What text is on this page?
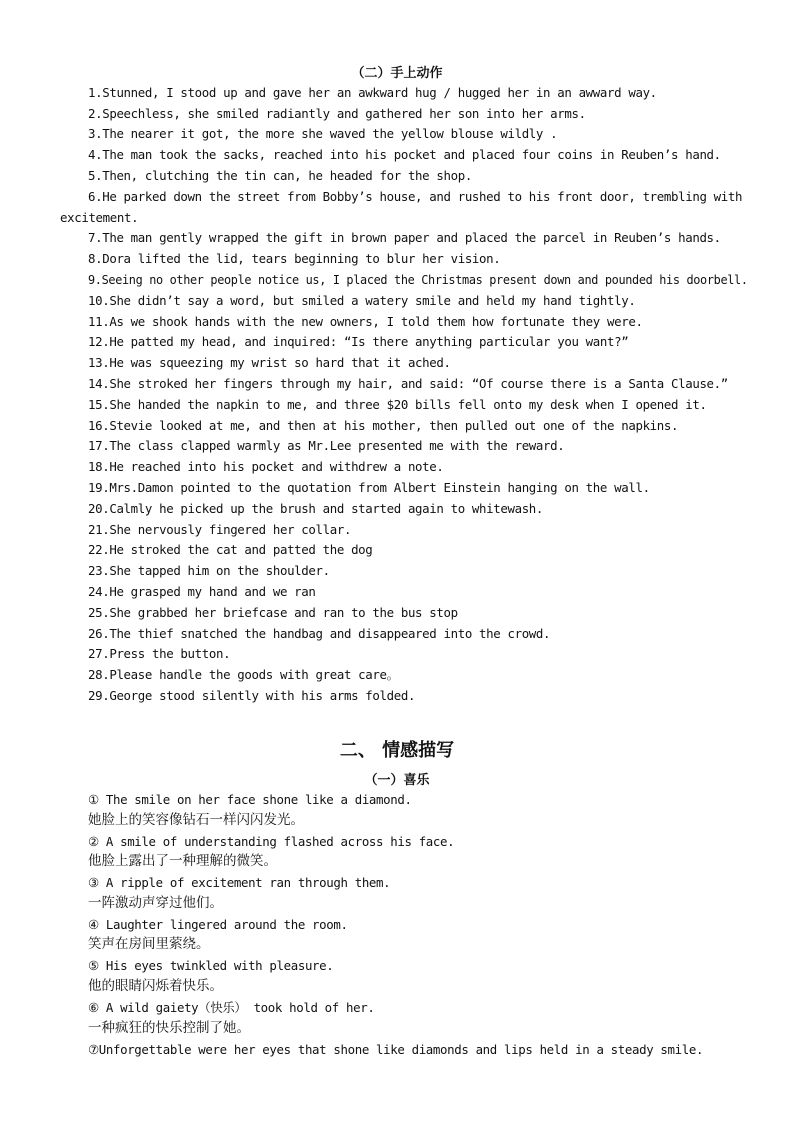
（二）手上动作
1.Stunned, I stood up and gave her an awkward hug / hugged her in an awward way.
2.Speechless, she smiled radiantly and gathered her son into her arms.
3.The nearer it got, the more she waved the yellow blouse wildly .
4.The man took the sacks, reached into his pocket and placed four coins in Reuben’s hand.
5.Then, clutching the tin can, he headed for the shop.
6.He parked down the street from Bobby’s house, and rushed to his front door, trembling with
excitement.
7.The man gently wrapped the gift in brown paper and placed the parcel in Reuben’s hands.
8.Dora lifted the lid, tears beginning to blur her vision.
9.Seeing no other people notice us, I placed the Christmas present down and pounded his doorbell.
10.She didn’t say a word, but smiled a watery smile and held my hand tightly.
11.As we shook hands with the new owners, I told them how fortunate they were.
12.He patted my head, and inquired: “Is there anything particular you want?”
13.He was squeezing my wrist so hard that it ached.
14.She stroked her fingers through my hair, and said: “Of course there is a Santa Clause.”
15.She handed the napkin to me, and three $20 bills fell onto my desk when I opened it.
16.Stevie looked at me, and then at his mother, then pulled out one of the napkins.
17.The class clapped warmly as Mr.Lee presented me with the reward.
18.He reached into his pocket and withdrew a note.
19.Mrs.Damon pointed to the quotation from Albert Einstein hanging on the wall.
20.Calmly he picked up the brush and started again to whitewash.
21.She nervously fingered her collar.
22.He stroked the cat and patted the dog
23.She tapped him on the shoulder.
24.He grasped my hand and we ran
25.She grabbed her briefcase and ran to the bus stop
26.The thief snatched the handbag and disappeared into the crowd.
27.Press the button.
28.Please handle the goods with great care。
29.George stood silently with his arms folded.
二、 情感描写
（一）喜乐
① The smile on her face shone like a diamond.
她脸上的笑容像钻石一样闪闪发光。
② A smile of understanding flashed across his face.
他脸上露出了一种理解的微笑。
③ A ripple of excitement ran through them.
一阵激动声穿过他们。
④ Laughter lingered around the room.
笑声在房间里萦绕。
⑤ His eyes twinkled with pleasure.
他的眼睛闪烁着快乐。
⑥ A wild gaiety（快乐） took hold of her.
一种疯狂的快乐控制了她。
⑦Unforgettable were her eyes that shone like diamonds and lips held in a steady smile.
